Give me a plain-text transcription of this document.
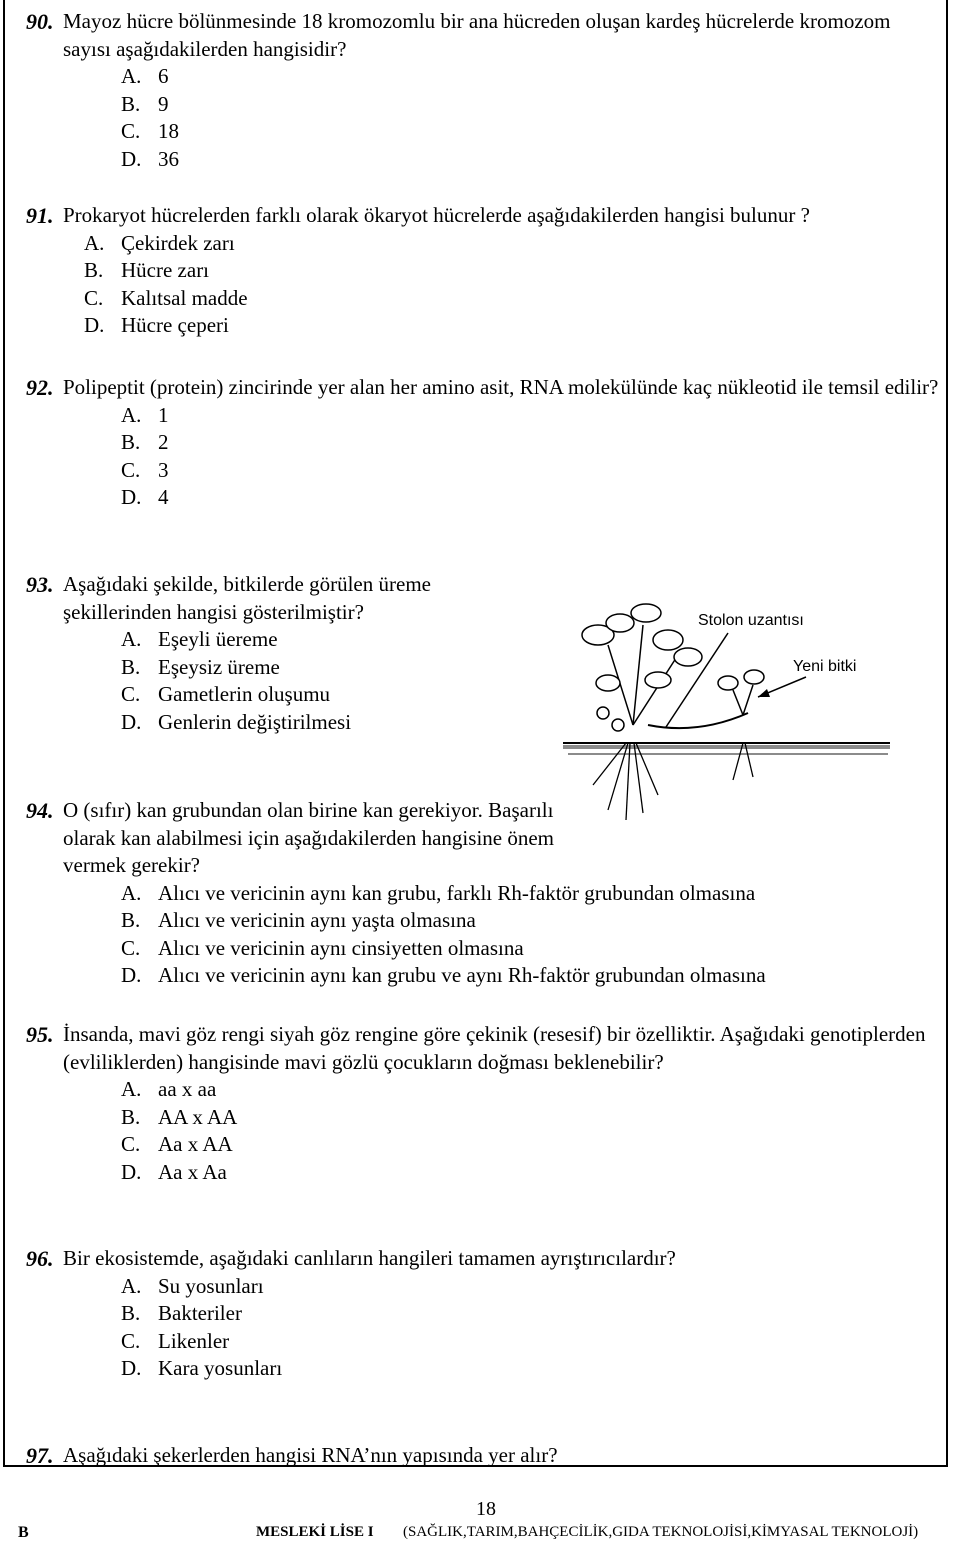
90. Mayoz hücre bölünmesinde 18 kromozomlu bir ana hücreden oluşan kardeş hücrelerde kromozom sayısı aşağıdakilerden hangisidir?
A. 6
B. 9
C. 18
D. 36
91. Prokaryot hücrelerden farklı olarak ökaryot hücrelerde aşağıdakilerden hangisi bulunur ?
A. Çekirdek zarı
B. Hücre zarı
C. Kalıtsal madde
D. Hücre çeperi
92. Polipeptit (protein) zincirinde yer alan her amino asit, RNA molekülünde kaç nükleotid ile temsil edilir?
A. 1
B. 2
C. 3
D. 4
93. Aşağıdaki şekilde, bitkilerde görülen üreme şekillerinden hangisi gösterilmiştir?
A. Eşeyli üereme
B. Eşeysiz üreme
C. Gametlerin oluşumu
D. Genlerin değiştirilmesi
Stolon uzantısı
Yeni bitki
94. O (sıfır) kan grubundan olan birine kan gerekiyor. Başarılı olarak kan alabilmesi için aşağıdakilerden hangisine önem vermek gerekir?
A. Alıcı ve vericinin aynı kan grubu, farklı Rh-faktör grubundan olmasına
B. Alıcı ve vericinin aynı yaşta olmasına
C. Alıcı ve vericinin aynı cinsiyetten olmasına
D. Alıcı ve vericinin aynı kan grubu ve aynı Rh-faktör grubundan olmasına
95. İnsanda, mavi göz rengi siyah göz rengine göre çekinik (resesif) bir özelliktir. Aşağıdaki genotiplerden (evliliklerden) hangisinde mavi gözlü çocukların doğması beklenebilir?
A. aa x aa
B. AA x AA
C. Aa x AA
D. Aa x Aa
96. Bir ekosistemde, aşağıdaki canlıların hangileri tamamen ayrıştırıcılardır?
A. Su yosunları
B. Bakteriler
C. Likenler
D. Kara yosunları
97. Aşağıdaki şekerlerden hangisi RNA’nın yapısında yer alır?
18
B	MESLEKİ LİSE I (SAĞLIK,TARIM,BAHÇECİLİK,GIDA TEKNOLOJİSİ,KİMYASAL TEKNOLOJİ)
